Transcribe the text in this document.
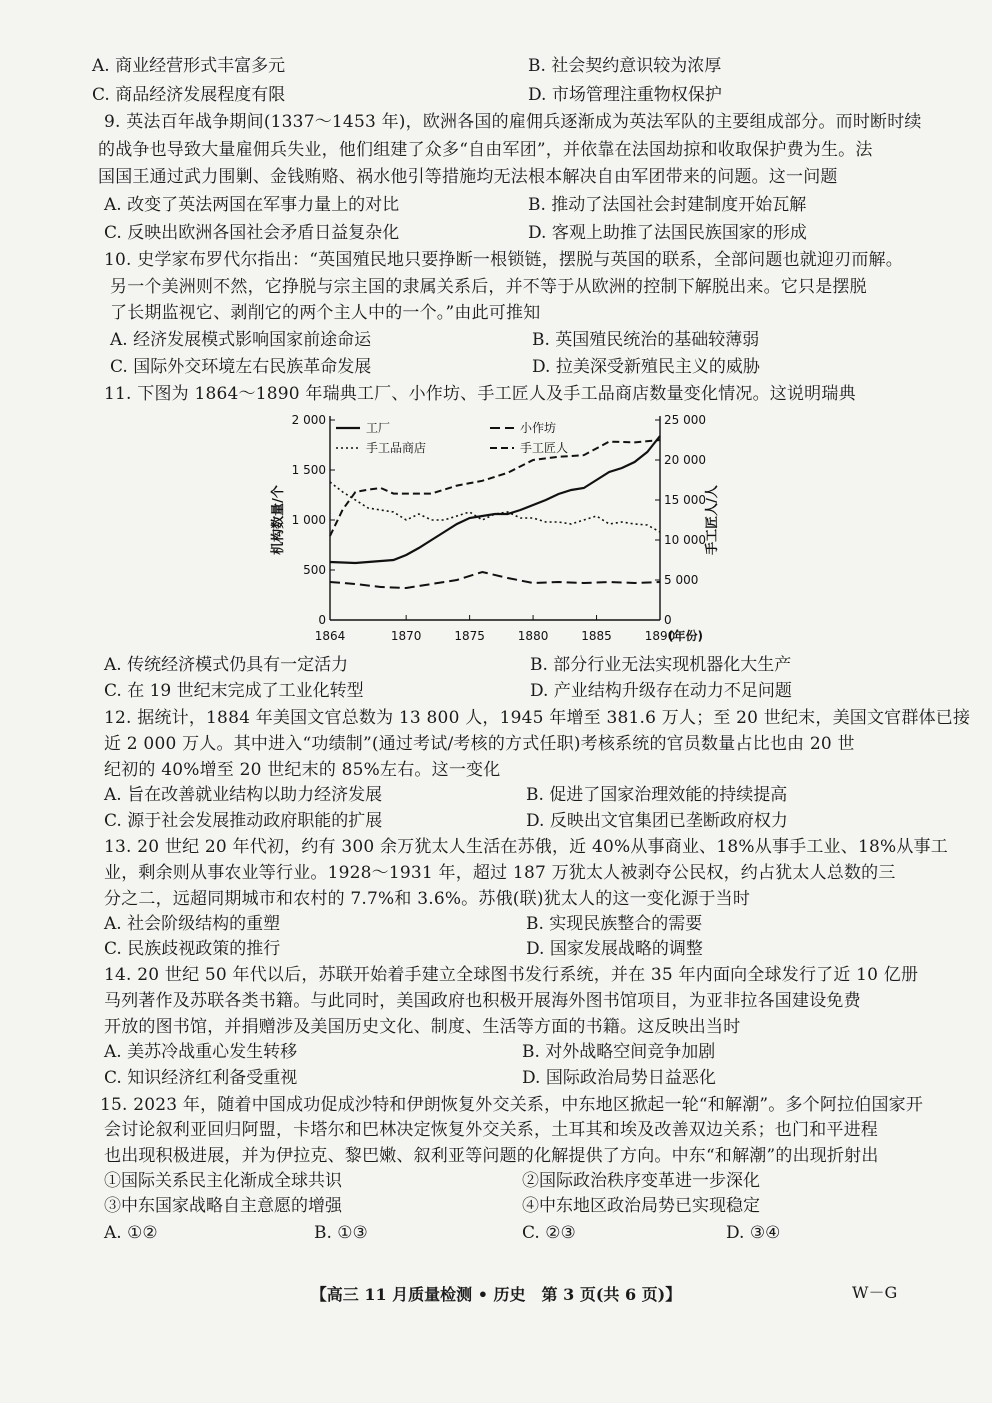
A. 商业经营形式丰富多元	B. 社会契约意识较为浓厚
C. 商品经济发展程度有限	D. 市场管理注重物权保护
9. 英法百年战争期间(1337～1453 年)，欧洲各国的雇佣兵逐渐成为英法军队的主要组成部分。而时断时续
的战争也导致大量雇佣兵失业，他们组建了众多“自由军团”，并依靠在法国劫掠和收取保护费为生。法
国国王通过武力围剿、金钱贿赂、祸水他引等措施均无法根本解决自由军团带来的问题。这一问题
A. 改变了英法两国在军事力量上的对比	B. 推动了法国社会封建制度开始瓦解
C. 反映出欧洲各国社会矛盾日益复杂化	D. 客观上助推了法国民族国家的形成
10. 史学家布罗代尔指出：“英国殖民地只要挣断一根锁链，摆脱与英国的联系，全部问题也就迎刃而解。
另一个美洲则不然，它挣脱与宗主国的隶属关系后，并不等于从欧洲的控制下解脱出来。它只是摆脱
了长期监视它、剥削它的两个主人中的一个。”由此可推知
A. 经济发展模式影响国家前途命运	B. 英国殖民统治的基础较薄弱
C. 国际外交环境左右民族革命发展	D. 拉美深受新殖民主义的威胁
11. 下图为 1864～1890 年瑞典工厂、小作坊、手工匠人及手工品商店数量变化情况。这说明瑞典
0
500
1 000
1 500
2 000
0
5 000
10 000
15 000
20 000
25 000
1864	1870	1875	1880	1885	1890
(年份)
机构数量/个	手工匠人/人
工厂	小作坊
手工品商店	手工匠人
A. 传统经济模式仍具有一定活力	B. 部分行业无法实现机器化大生产
C. 在 19 世纪末完成了工业化转型	D. 产业结构升级存在动力不足问题
12. 据统计，1884 年美国文官总数为 13 800 人，1945 年增至 381.6 万人；至 20 世纪末，美国文官群体已接
近 2 000 万人。其中进入“功绩制”(通过考试/考核的方式任职)考核系统的官员数量占比也由 20 世
纪初的 40%增至 20 世纪末的 85%左右。这一变化
A. 旨在改善就业结构以助力经济发展	B. 促进了国家治理效能的持续提高
C. 源于社会发展推动政府职能的扩展	D. 反映出文官集团已垄断政府权力
13. 20 世纪 20 年代初，约有 300 余万犹太人生活在苏俄，近 40%从事商业、18%从事手工业、18%从事工
业，剩余则从事农业等行业。1928～1931 年，超过 187 万犹太人被剥夺公民权，约占犹太人总数的三
分之二，远超同期城市和农村的 7.7%和 3.6%。苏俄(联)犹太人的这一变化源于当时
A. 社会阶级结构的重塑	B. 实现民族整合的需要
C. 民族歧视政策的推行	D. 国家发展战略的调整
14. 20 世纪 50 年代以后，苏联开始着手建立全球图书发行系统，并在 35 年内面向全球发行了近 10 亿册
马列著作及苏联各类书籍。与此同时，美国政府也积极开展海外图书馆项目，为亚非拉各国建设免费
开放的图书馆，并捐赠涉及美国历史文化、制度、生活等方面的书籍。这反映出当时
A. 美苏冷战重心发生转移	B. 对外战略空间竞争加剧
C. 知识经济红利备受重视	D. 国际政治局势日益恶化
15. 2023 年，随着中国成功促成沙特和伊朗恢复外交关系，中东地区掀起一轮“和解潮”。多个阿拉伯国家开
会讨论叙利亚回归阿盟，卡塔尔和巴林决定恢复外交关系，土耳其和埃及改善双边关系；也门和平进程
也出现积极进展，并为伊拉克、黎巴嫩、叙利亚等问题的化解提供了方向。中东“和解潮”的出现折射出
①国际关系民主化渐成全球共识	②国际政治秩序变革进一步深化
③中东国家战略自主意愿的增强	④中东地区政治局势已实现稳定
A. ①②	B. ①③	C. ②③	D. ③④
【高三 11 月质量检测 • 历史　第 3 页(共 6 页)】	W－G
